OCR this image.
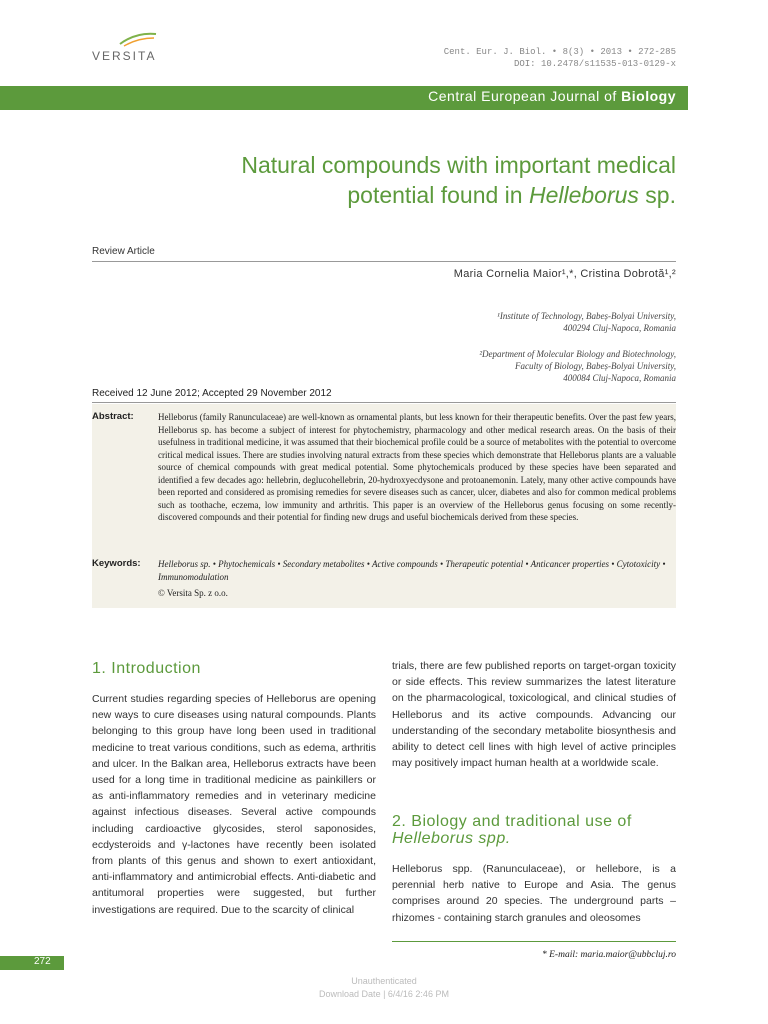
VERSITA	Cent. Eur. J. Biol. • 8(3) • 2013 • 272-285
DOI: 10.2478/s11535-013-0129-x
Central European Journal of Biology
Natural compounds with important medical
potential found in Helleborus sp.
Review Article
Maria Cornelia Maior¹,*, Cristina Dobrotă¹,²
¹Institute of Technology, Babeș-Bolyai University,
400294 Cluj-Napoca, Romania
²Department of Molecular Biology and Biotechnology,
Faculty of Biology, Babeș-Bolyai University,
400084 Cluj-Napoca, Romania
Received 12 June 2012; Accepted 29 November 2012
Abstract:	Helleborus (family Ranunculaceae) are well-known as ornamental plants, but less known for their therapeutic benefits. Over the past few years, Helleborus sp. has become a subject of interest for phytochemistry, pharmacology and other medical research areas. On the basis of their usefulness in traditional medicine, it was assumed that their biochemical profile could be a source of metabolites with the potential to overcome critical medical issues. There are studies involving natural extracts from these species which demonstrate that Helleborus plants are a valuable source of chemical compounds with great medical potential. Some phytochemicals produced by these species have been separated and identified a few decades ago: hellebrin, deglucohellebrin, 20-hydroxyecdysone and protoanemonin. Lately, many other active compounds have been reported and considered as promising remedies for severe diseases such as cancer, ulcer, diabetes and also for common medical problems such as toothache, eczema, low immunity and arthritis. This paper is an overview of the Helleborus genus focusing on some recently-discovered compounds and their potential for finding new drugs and useful biochemicals derived from these species.
Keywords: Helleborus sp. • Phytochemicals • Secondary metabolites • Active compounds • Therapeutic potential • Anticancer properties • Cytotoxicity • Immunomodulation
© Versita Sp. z o.o.
1. Introduction
Current studies regarding species of Helleborus are opening new ways to cure diseases using natural compounds. Plants belonging to this group have long been used in traditional medicine to treat various conditions, such as edema, arthritis and ulcer. In the Balkan area, Helleborus extracts have been used for a long time in traditional medicine as painkillers or as anti-inflammatory remedies and in veterinary medicine against infectious diseases. Several active compounds including cardioactive glycosides, sterol saponosides, ecdysteroids and γ-lactones have recently been isolated from plants of this genus and shown to exert antioxidant, anti-inflammatory and antimicrobial effects. Anti-diabetic and antitumoral properties were suggested, but further investigations are required. Due to the scarcity of clinical
trials, there are few published reports on target-organ toxicity or side effects. This review summarizes the latest literature on the pharmacological, toxicological, and clinical studies of Helleborus and its active compounds. Advancing our understanding of the secondary metabolite biosynthesis and ability to detect cell lines with high level of active principles may positively impact human health at a worldwide scale.
2. Biology and traditional use of
Helleborus spp.
Helleborus spp. (Ranunculaceae), or hellebore, is a perennial herb native to Europe and Asia. The genus comprises around 20 species. The underground parts – rhizomes - containing starch granules and oleosomes
* E-mail: maria.maior@ubbcluj.ro
272
Unauthenticated
Download Date | 6/4/16 2:46 PM
